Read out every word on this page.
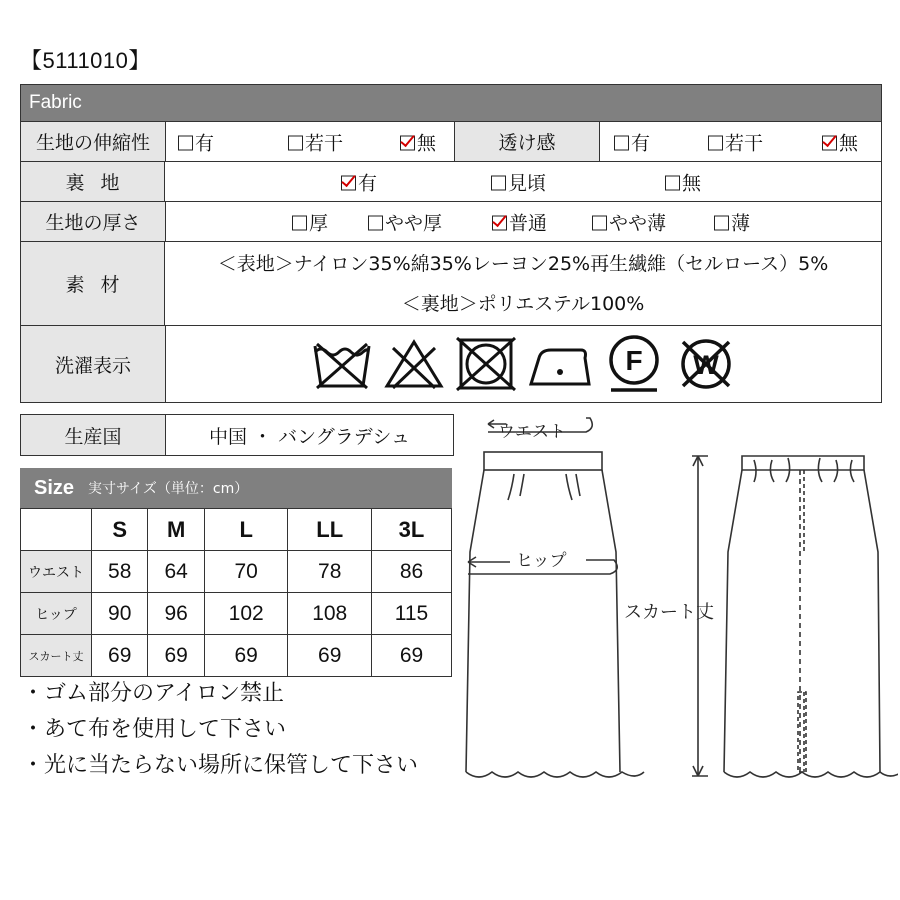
【5111010】
Fabric
生地の伸縮性	有	若干	無	透け感	有	若干	無
裏地	有	見頃	無
生地の厚さ	厚	やや厚	普通	やや薄	薄
素材
＜表地＞ナイロン35%綿35%レーヨン25%再生繊維（セルロース）5%
＜裏地＞ポリエステル100%
洗濯表示	F W
生産国	中国 ・ バングラデシュ
Size 実寸サイズ（単位：cm）
	S	M	L	LL	3L
ウエスト	58	64	70	78	86
ヒップ	90	96	102	108	115
スカート丈	69	69	69	69	69
・ゴム部分のアイロン禁止
・あて布を使用して下さい
・光に当たらない場所に保管して下さい
ウエスト
ヒップ
スカート丈
